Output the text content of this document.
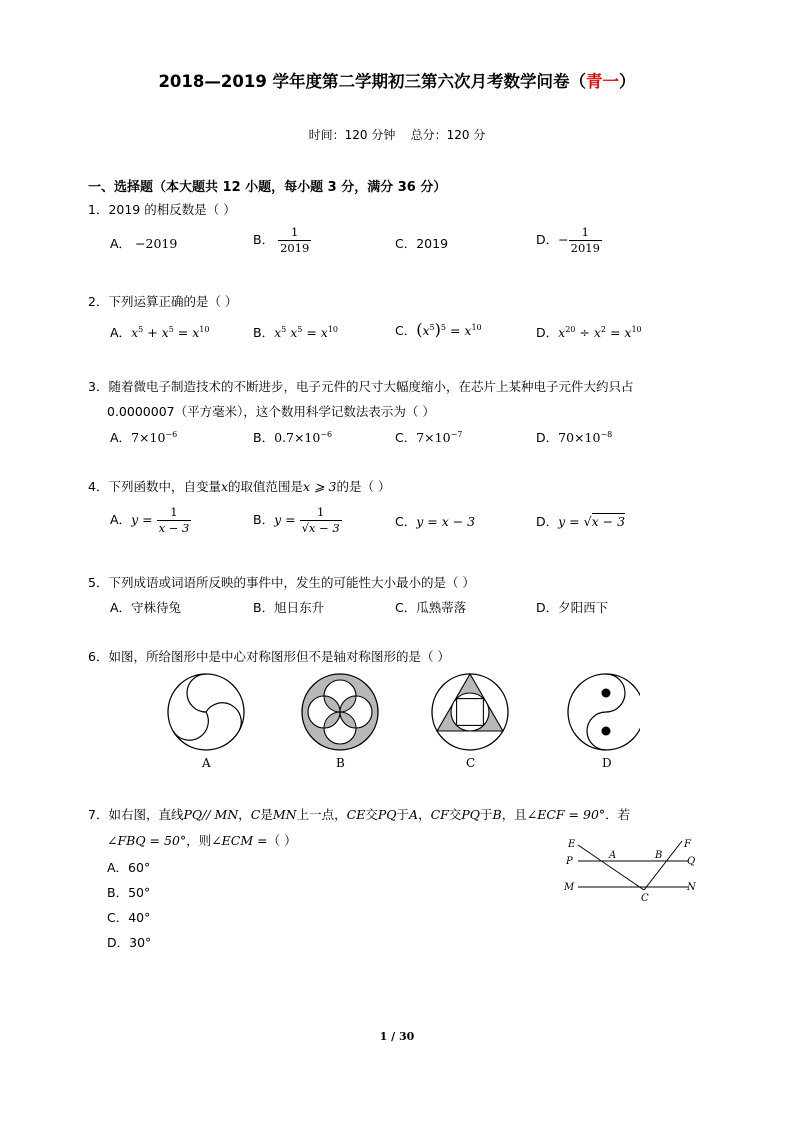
2018—2019 学年度第二学期初三第六次月考数学问卷（青一）
时间：120 分钟    总分：120 分
一、选择题（本大题共 12 小题，每小题 3 分，满分 36 分）
1．2019 的相反数是（ ）
A． −2019	B． $\frac{1}{2019}$	C．2019	D．− $\frac{1}{2019}$
2．下列运算正确的是（ ）
A．$x^5 + x^5 = x^{10}$	B．$x^5$ $x^5 = x^{10}$	C．$(x^5)^5 = x^{10}$	D．$x^{20} \div x^2 = x^{10}$
3．随着微电子制造技术的不断进步，电子元件的尺寸大幅度缩小，在芯片上某种电子元件大约只占
0.0000007（平方毫米），这个数用科学记数法表示为（ ）
A．$7\times 10^{-6}$	B．$0.7\times 10^{-6}$	C．$7\times 10^{-7}$	D．$70\times 10^{-8}$
4．下列函数中，自变量x的取值范围是x ⩾ 3的是（ ）
A．$y = \frac{1}{x - 3}$	B．$y = \frac{1}{√x - 3}$	C．y = x − 3	D．y = √x − 3
5．下列成语或词语所反映的事件中，发生的可能性大小最小的是（ ）
A．守株待兔	B．旭日东升	C．瓜熟蒂落	D．夕阳西下
6．如图，所给图形中是中心对称图形但不是轴对称图形的是（ ）
A	B	C	D
7．如右图，直线PQ// MN，C是MN上一点，CE交PQ于A，CF交PQ于B，且∠ECF = 90°．若
∠FBQ = 50°，则∠ECM =（ ）
A．60°
B．50°
C．40°
D．30°
E	F
P	Q
A	B
M	N
C
1 / 30
